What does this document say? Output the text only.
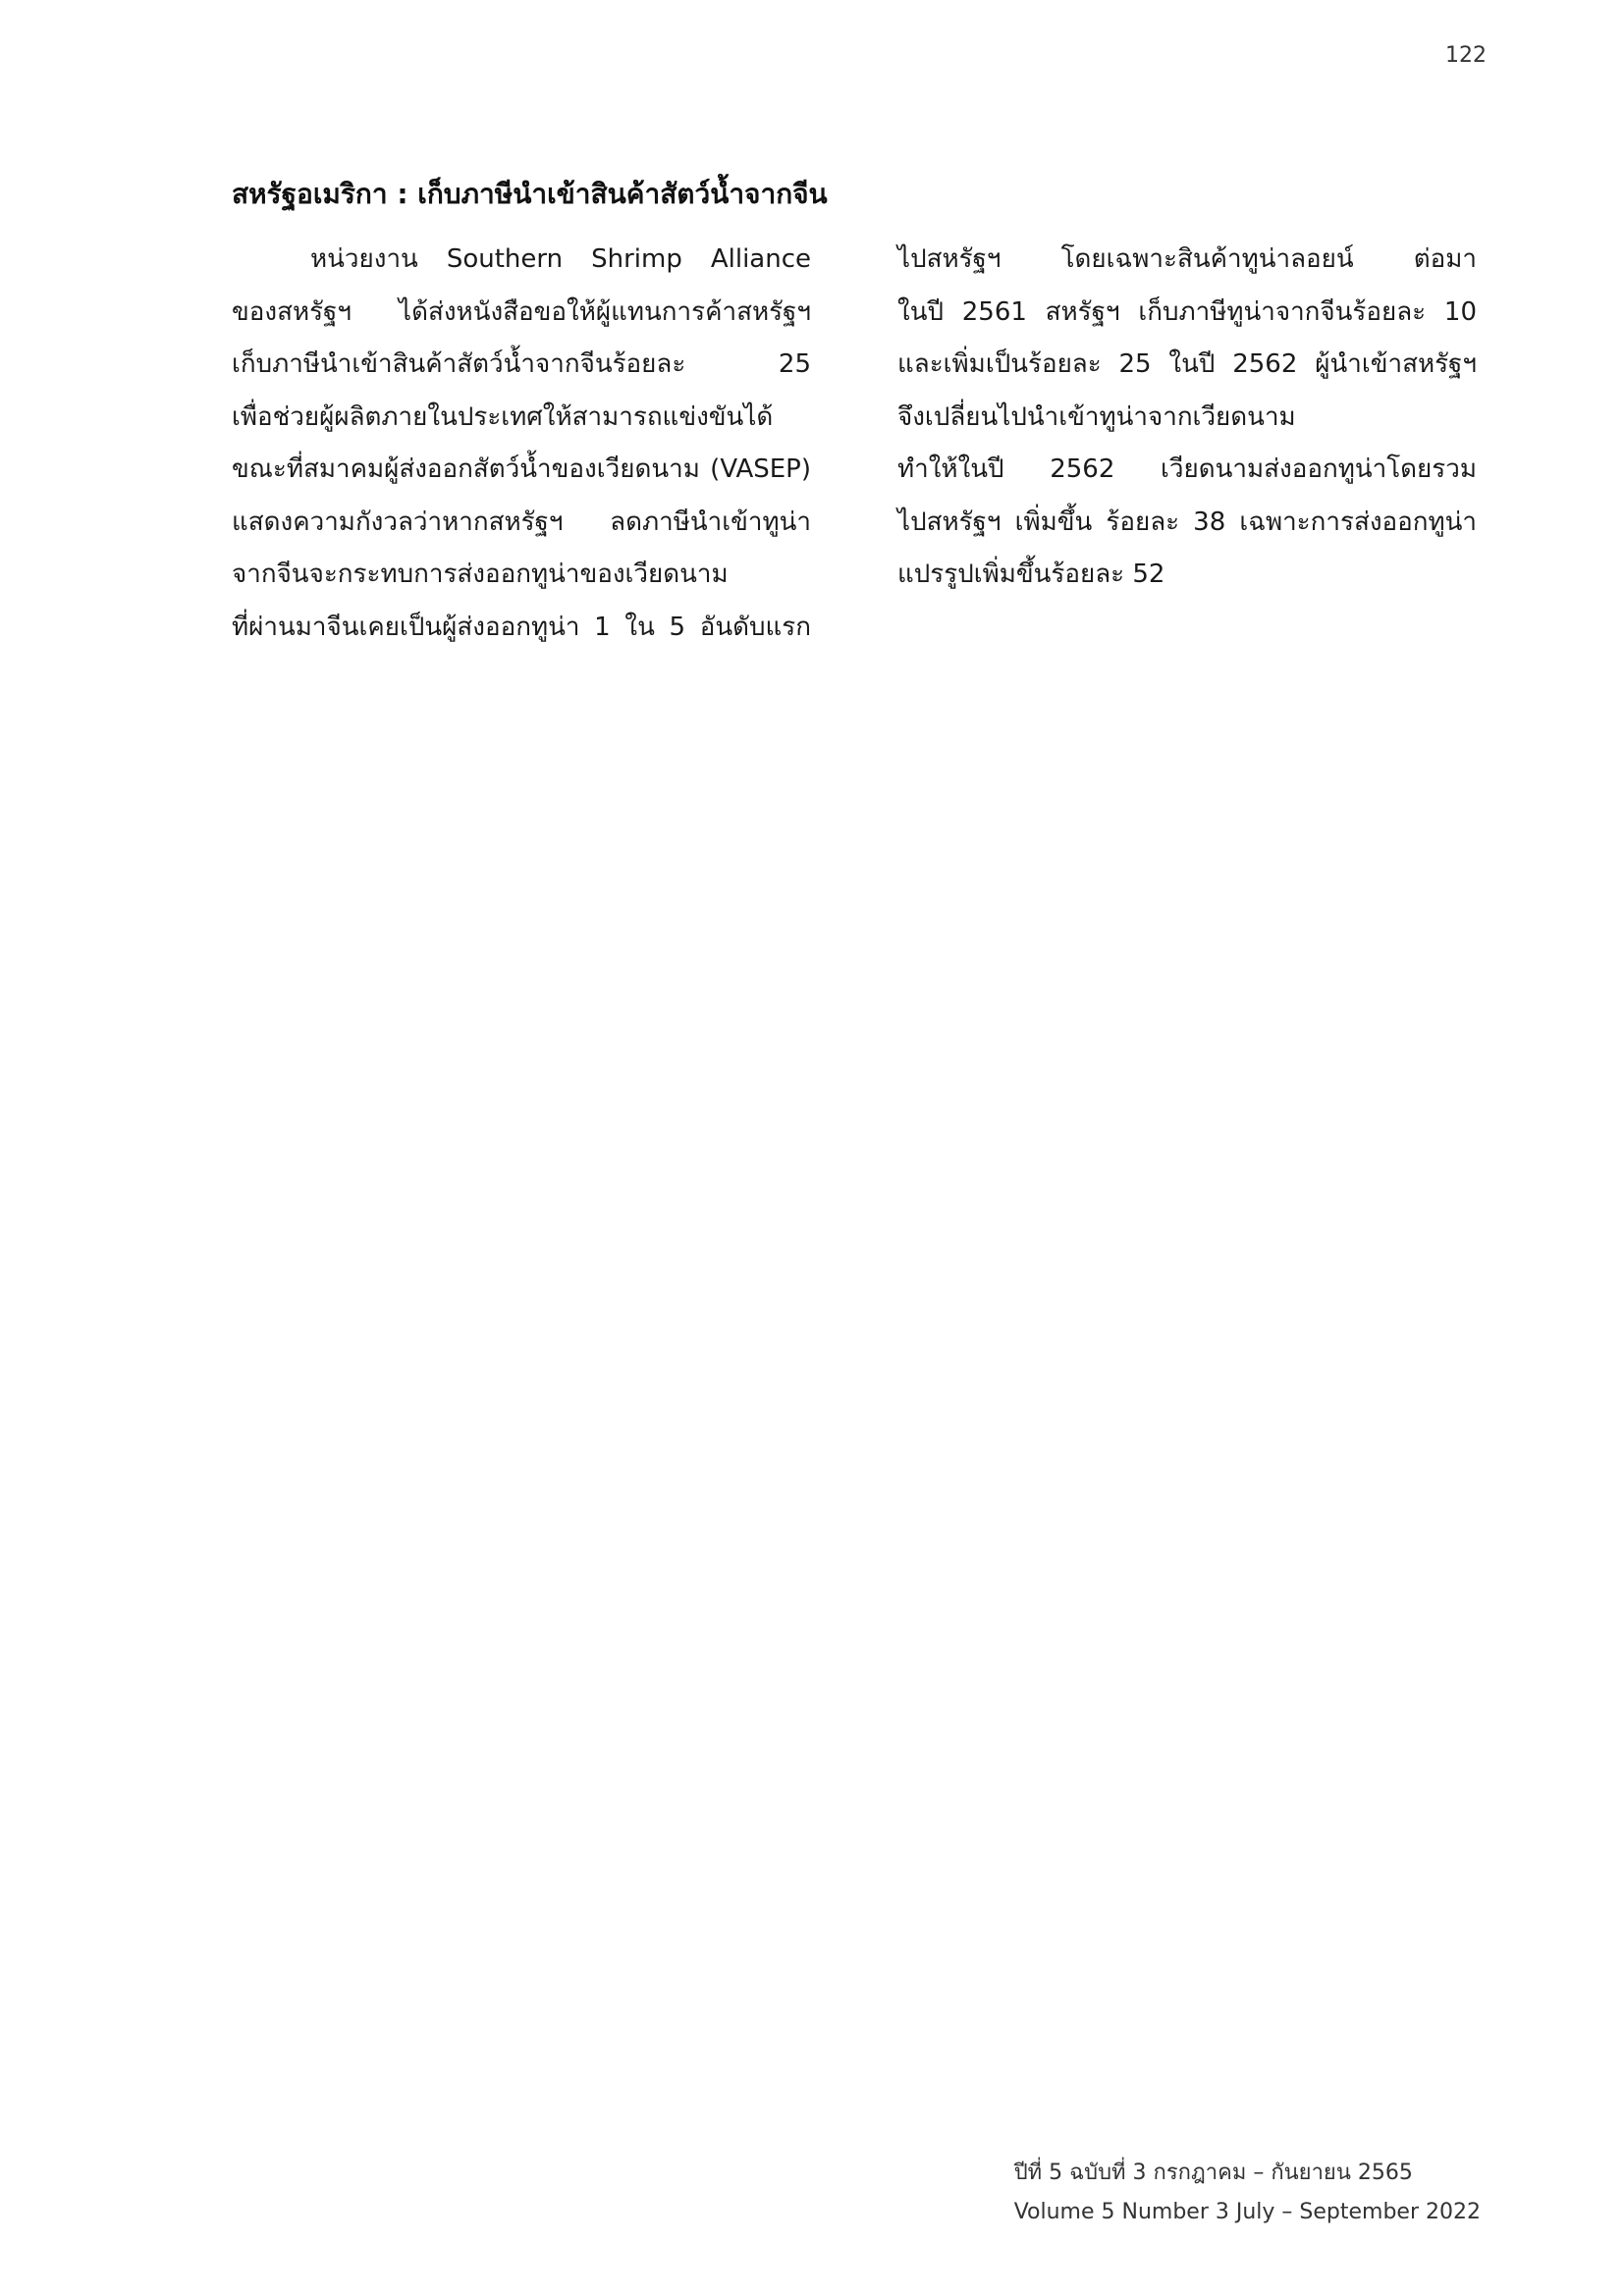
122
สหรัฐอเมริกา : เก็บภาษีนำเข้าสินค้าสัตว์น้ำจากจีน
หน่วยงาน Southern Shrimp Alliance
ของสหรัฐฯ ได้ส่งหนังสือขอให้ผู้แทนการค้าสหรัฐฯ
เก็บภาษีนำเข้าสินค้าสัตว์น้ำจากจีนร้อยละ 25
เพื่อช่วยผู้ผลิตภายในประเทศให้สามารถแข่งขันได้
ขณะที่สมาคมผู้ส่งออกสัตว์น้ำของเวียดนาม (VASEP)
แสดงความกังวลว่าหากสหรัฐฯ ลดภาษีนำเข้าทูน่า
จากจีนจะกระทบการส่งออกทูน่าของเวียดนาม
ที่ผ่านมาจีนเคยเป็นผู้ส่งออกทูน่า 1 ใน 5 อันดับแรก
ไปสหรัฐฯ โดยเฉพาะสินค้าทูน่าลอยน์ ต่อมา
ในปี 2561 สหรัฐฯ เก็บภาษีทูน่าจากจีนร้อยละ 10
และเพิ่มเป็นร้อยละ 25 ในปี 2562 ผู้นำเข้าสหรัฐฯ
จึงเปลี่ยนไปนำเข้าทูน่าจากเวียดนาม
ทำให้ในปี 2562 เวียดนามส่งออกทูน่าโดยรวม
ไปสหรัฐฯ เพิ่มขึ้น ร้อยละ 38 เฉพาะการส่งออกทูน่า
แปรรูปเพิ่มขึ้นร้อยละ 52
ปีที่ 5 ฉบับที่ 3 กรกฎาคม – กันยายน 2565
Volume 5 Number 3 July – September 2022
